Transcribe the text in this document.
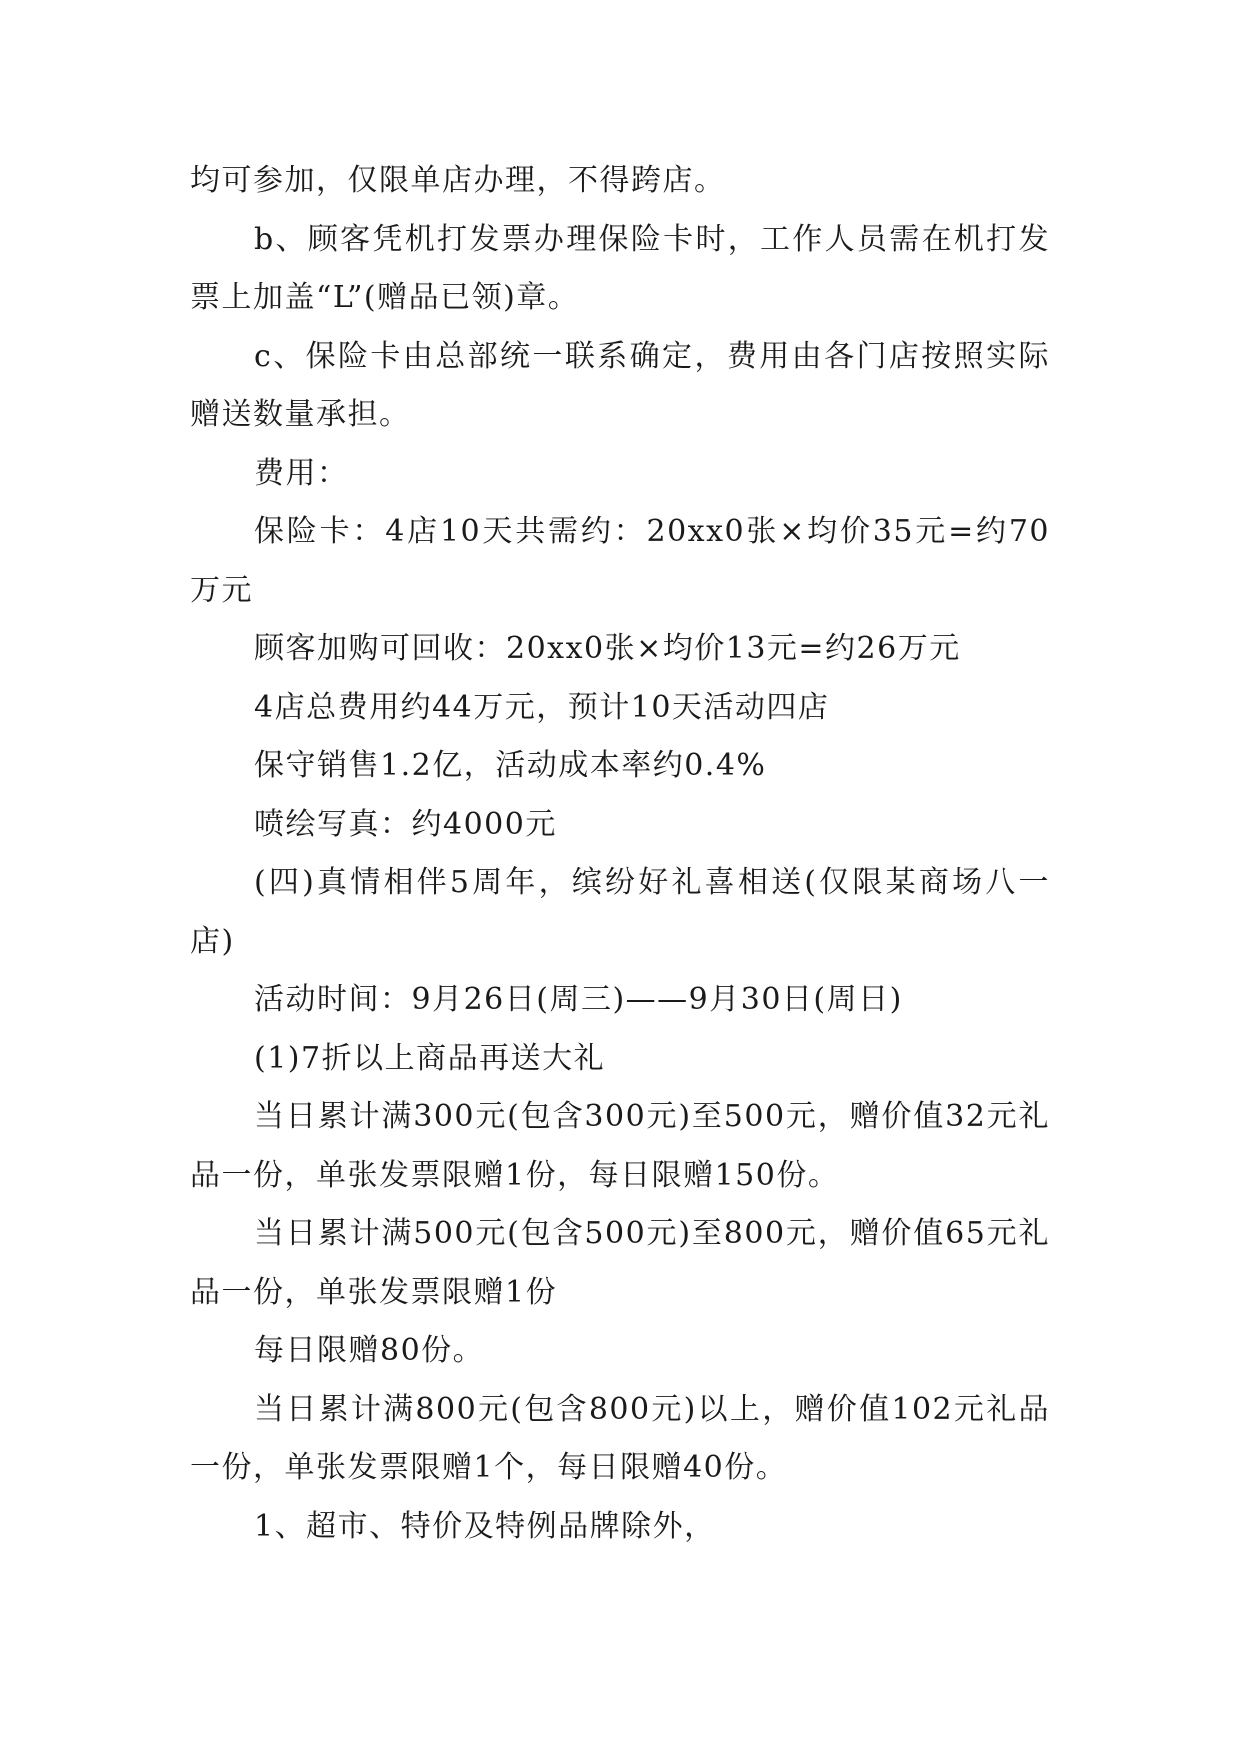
均可参加，仅限单店办理，不得跨店。

b、顾客凭机打发票办理保险卡时，工作人员需在机打发票上加盖“L”(赠品已领)章。

c、保险卡由总部统一联系确定，费用由各门店按照实际赠送数量承担。

费用：

保险卡：4店10天共需约：20xx0张×均价35元=约70万元

顾客加购可回收：20xx0张×均价13元=约26万元

4店总费用约44万元，预计10天活动四店

保守销售1.2亿，活动成本率约0.4%

喷绘写真：约4000元

(四)真情相伴5周年，缤纷好礼喜相送(仅限某商场八一店)

活动时间：9月26日(周三)——9月30日(周日)

(1)7折以上商品再送大礼

当日累计满300元(包含300元)至500元，赠价值32元礼品一份，单张发票限赠1份，每日限赠150份。

当日累计满500元(包含500元)至800元，赠价值65元礼品一份，单张发票限赠1份

每日限赠80份。

当日累计满800元(包含800元)以上，赠价值102元礼品一份，单张发票限赠1个，每日限赠40份。

1、超市、特价及特例品牌除外，
